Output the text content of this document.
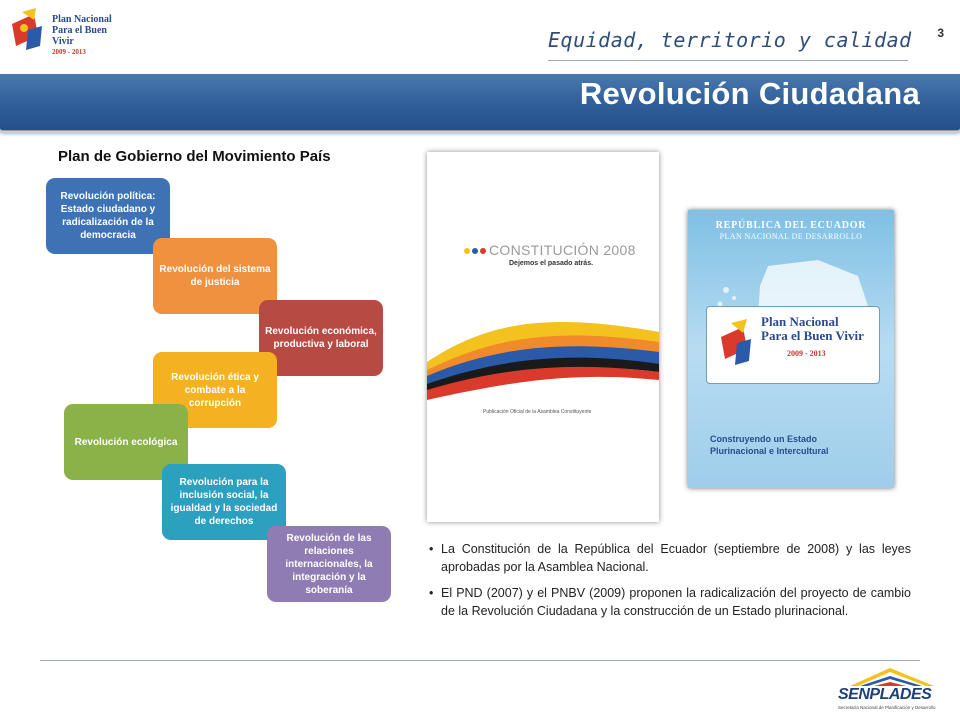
Plan Nacional
Para el Buen Vivir
2009 - 2013
3
Equidad, territorio y calidad
Revolución Ciudadana
Plan de Gobierno del Movimiento País
Revolución política: Estado ciudadano y radicalización de la democracia
Revolución del sistema de justicia
Revolución económica, productiva y laboral
Revolución ética y combate a la corrupción
Revolución ecológica
Revolución para la inclusión social, la igualdad y la sociedad de derechos
Revolución de las relaciones internacionales, la integración y la soberanía
CONSTITUCIÓN 2008
Dejemos el pasado atrás.
Publicación Oficial de la Asamblea Constituyente
REPÚBLICA DEL ECUADOR
PLAN NACIONAL DE DESARROLLO
Plan Nacional
Para el Buen Vivir
2009 - 2013
Construyendo un Estado
Plurinacional e Intercultural
• La Constitución de la República del Ecuador (septiembre de 2008) y las leyes aprobadas por la Asamblea Nacional.
• El PND (2007) y el PNBV (2009) proponen la radicalización del proyecto de cambio de la Revolución Ciudadana y la construcción de un Estado plurinacional.
SENPLADES
Secretaría Nacional de Planificación y Desarrollo
